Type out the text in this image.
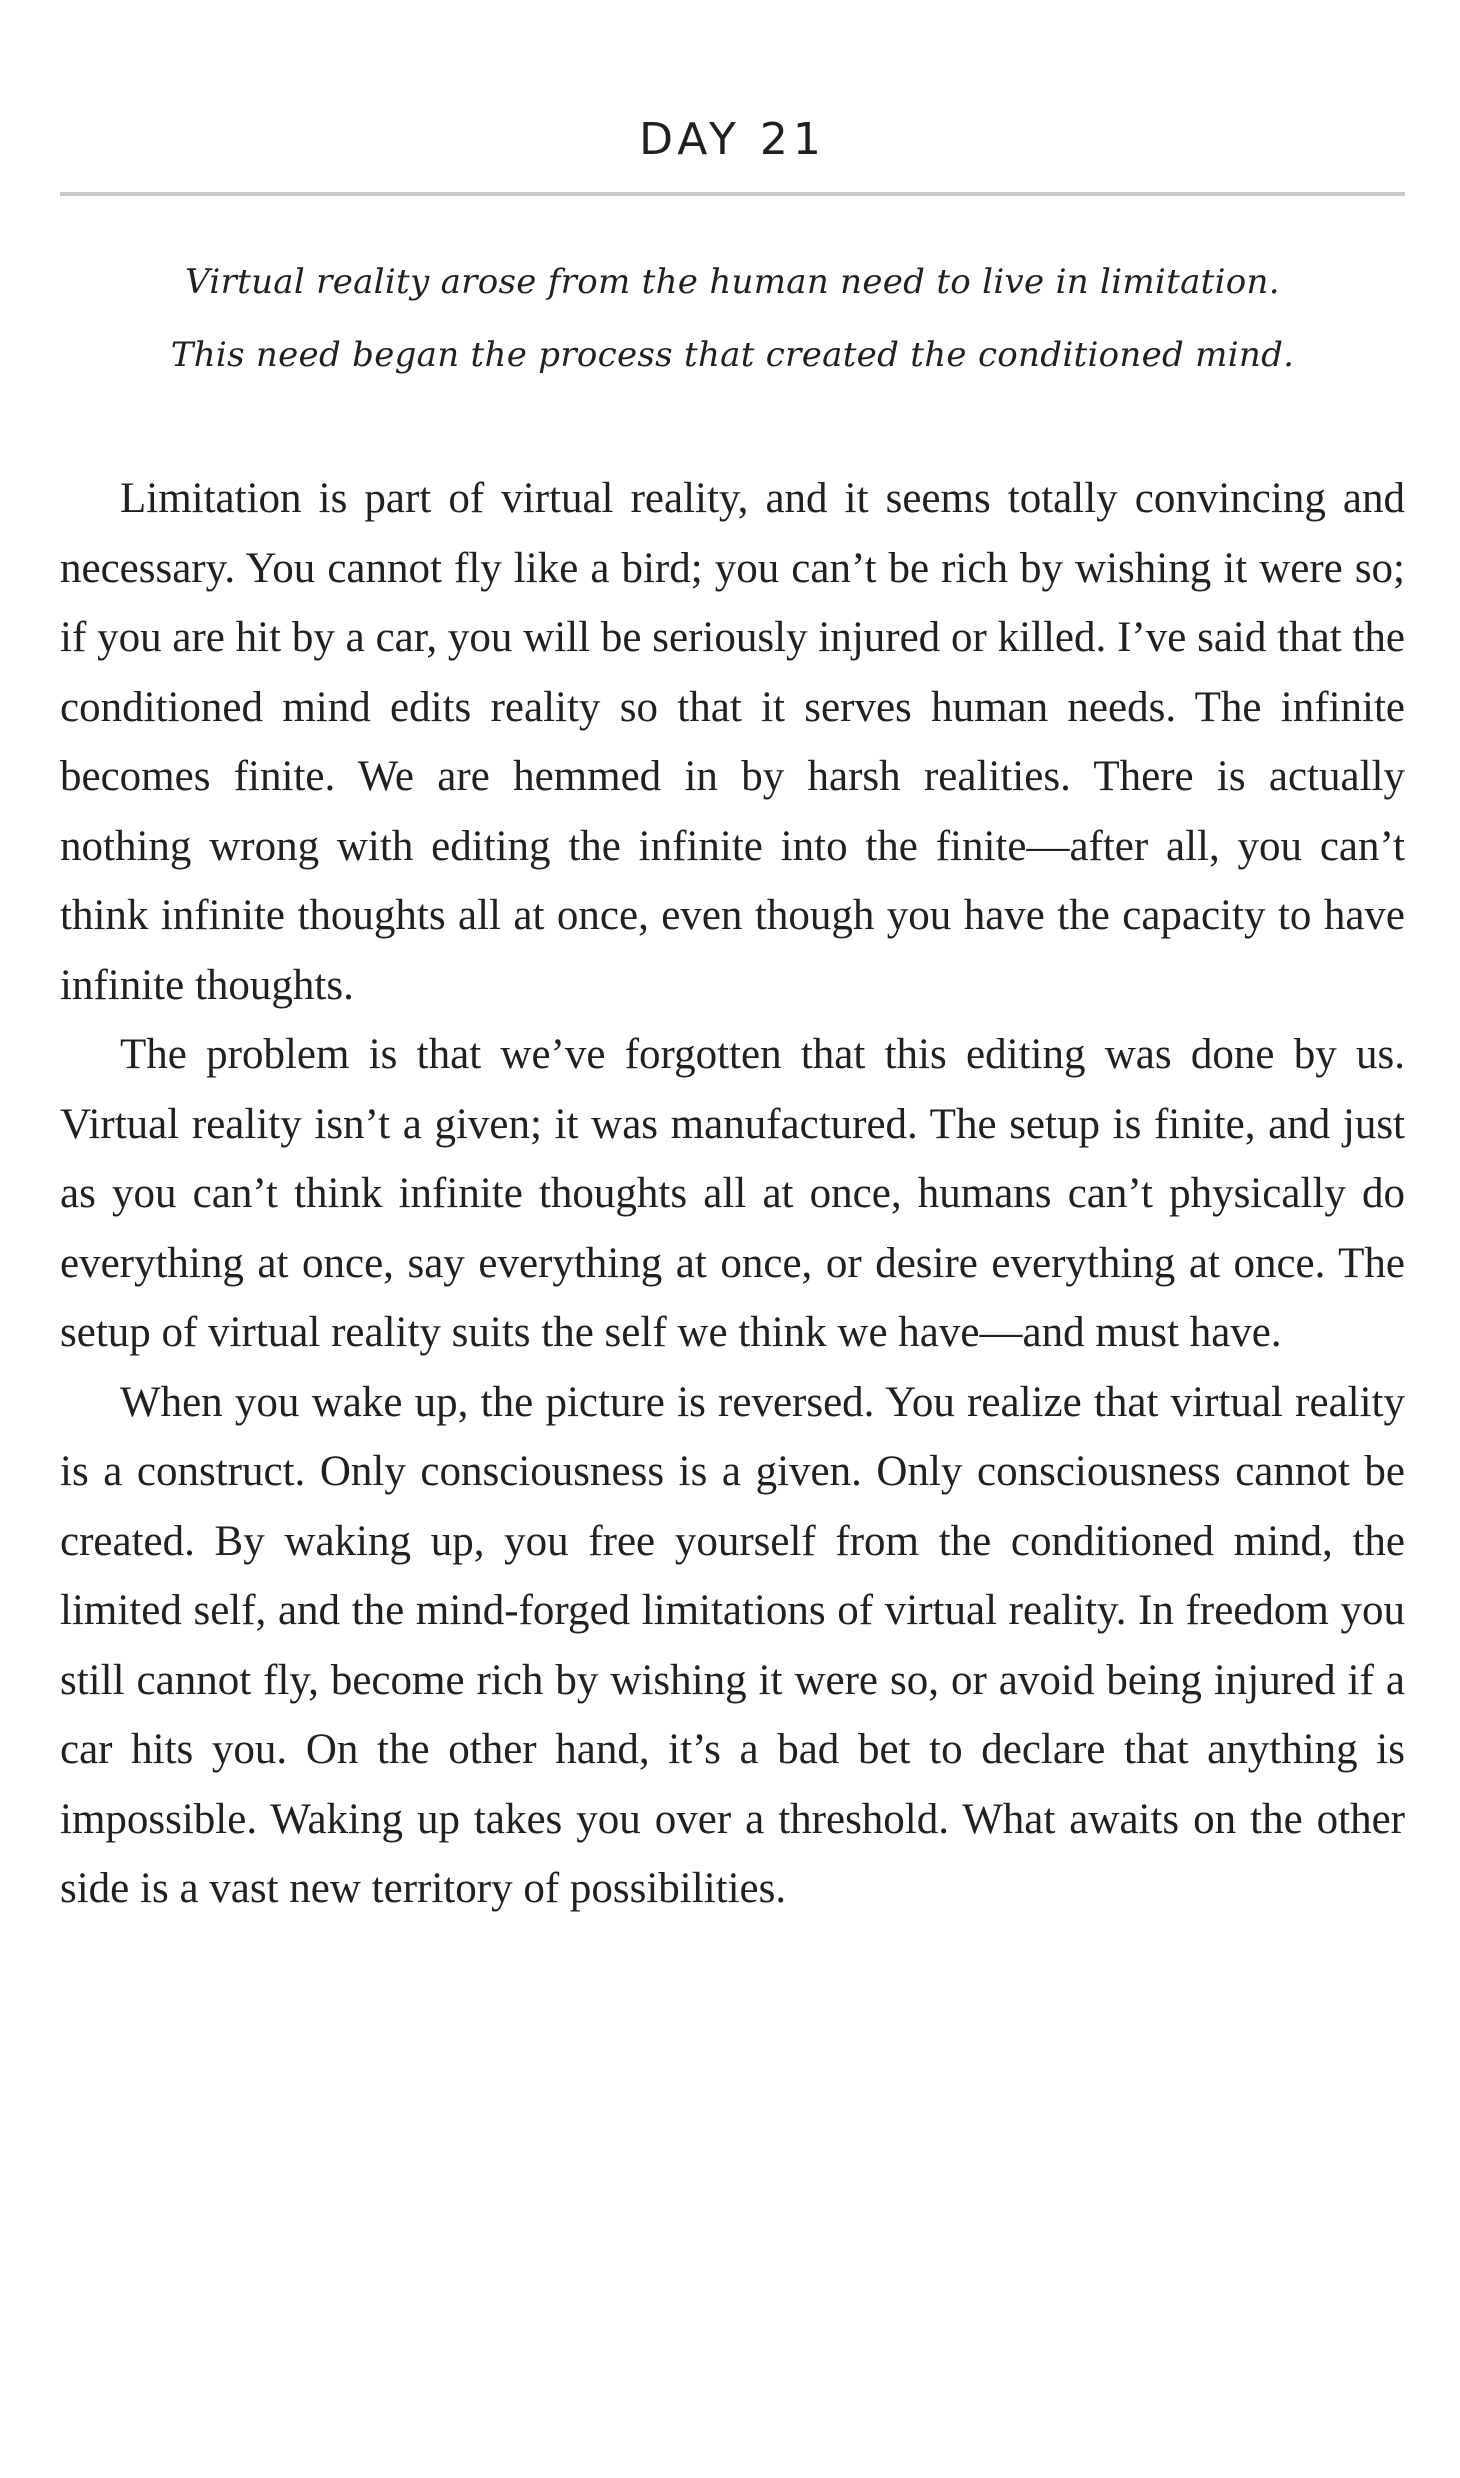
DAY 21

Virtual reality arose from the human need to live in limitation.

This need began the process that created the conditioned mind.

Limitation is part of virtual reality, and it seems totally convincing and necessary. You cannot fly like a bird; you can’t be rich by wishing it were so; if you are hit by a car, you will be seriously injured or killed. I’ve said that the conditioned mind edits reality so that it serves human needs. The infinite becomes finite. We are hemmed in by harsh realities. There is actually nothing wrong with editing the infinite into the finite—after all, you can’t think infinite thoughts all at once, even though you have the capacity to have infinite thoughts.

The problem is that we’ve forgotten that this editing was done by us. Virtual reality isn’t a given; it was manufactured. The setup is finite, and just as you can’t think infinite thoughts all at once, humans can’t physically do everything at once, say everything at once, or desire everything at once. The setup of virtual reality suits the self we think we have—and must have.

When you wake up, the picture is reversed. You realize that virtual reality is a construct. Only consciousness is a given. Only consciousness cannot be created. By waking up, you free yourself from the conditioned mind, the limited self, and the mind-forged limitations of virtual reality. In freedom you still cannot fly, become rich by wishing it were so, or avoid being injured if a car hits you. On the other hand, it’s a bad bet to declare that anything is impossible. Waking up takes you over a threshold. What awaits on the other side is a vast new territory of possibilities.
